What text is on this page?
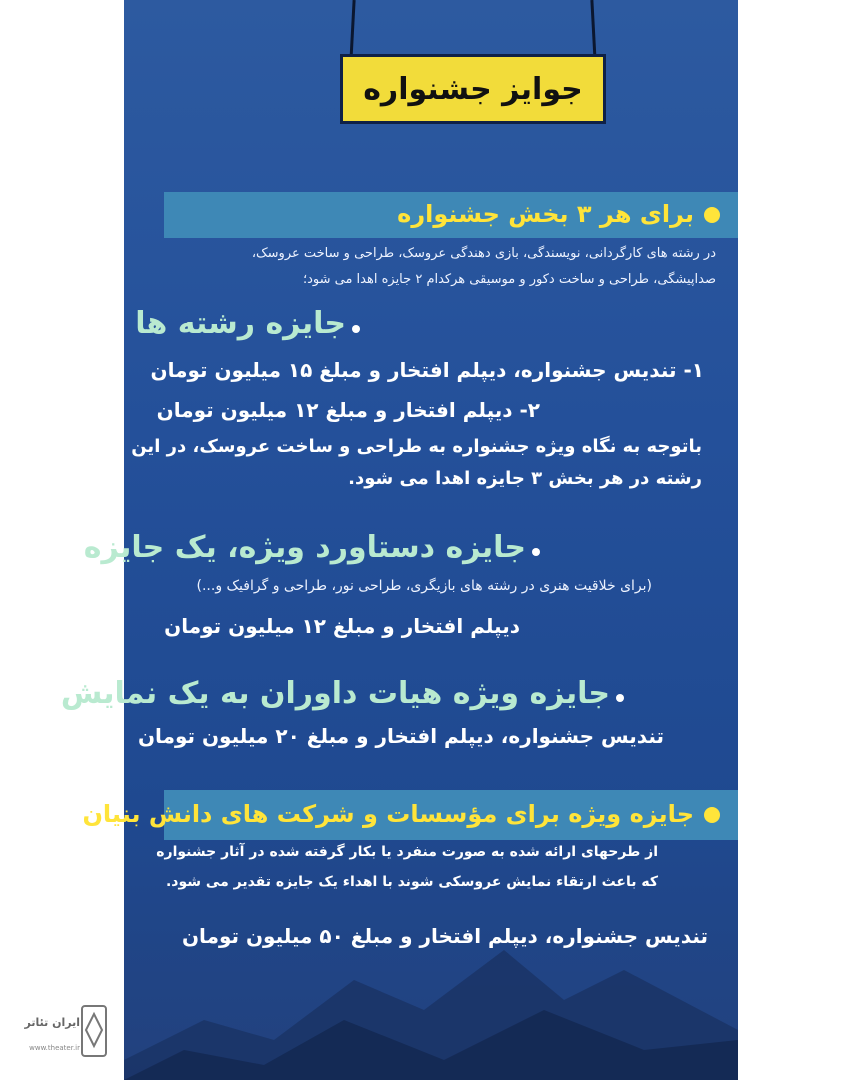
جوایز جشنواره
برای هر ۳ بخش جشنواره
در رشته های کارگردانی، نویسندگی، بازی دهندگی عروسک، طراحی و ساخت عروسک،
صداپیشگی، طراحی و ساخت دکور و موسیقی هرکدام ۲ جایزه اهدا می شود؛
جایزه رشته ها
۱- تندیس جشنواره، دیپلم افتخار و مبلغ ۱۵ میلیون تومان
۲- دیپلم افتخار و مبلغ ۱۲ میلیون تومان
باتوجه به نگاه ویژه جشنواره به طراحی و ساخت عروسک، در این
رشته در هر بخش ۳ جایزه اهدا می شود.
جایزه دستاورد ویژه، یک جایزه
(برای خلاقیت هنری در رشته های بازیگری، طراحی نور، طراحی و گرافیک و...)
دیپلم افتخار و مبلغ ۱۲ میلیون تومان
جایزه ویژه هیات داوران به یک نمایش
تندیس جشنواره، دیپلم افتخار و مبلغ ۲۰ میلیون تومان
جایزه ویژه برای مؤسسات و شرکت های دانش بنیان
از طرحهای ارائه شده به صورت منفرد یا بکار گرفته شده در آثار جشنواره
که باعث ارتقاء نمایش عروسکی شوند با اهداء یک جایزه تقدیر می شود.
تندیس جشنواره، دیپلم افتخار و مبلغ ۵۰ میلیون تومان
ایران تئاتر
www.theater.ir
